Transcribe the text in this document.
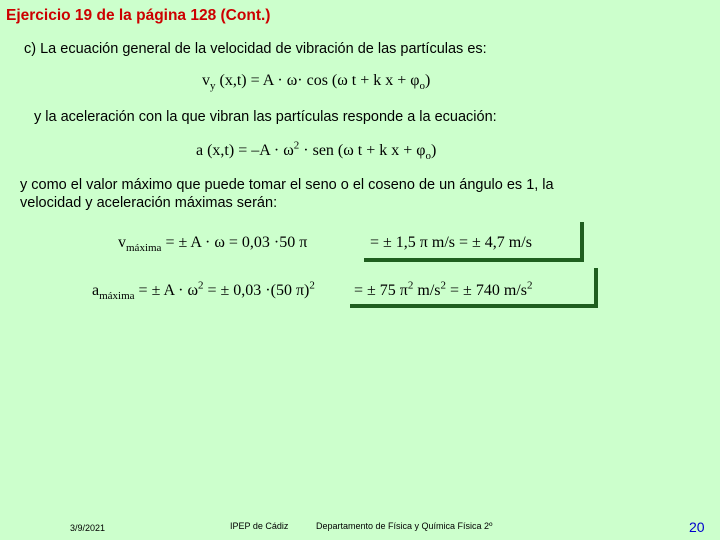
Ejercicio 19 de la página 128 (Cont.)
c) La ecuación general de la velocidad de vibración de las partículas es:
$v_y$ (x,t) = A · ω· cos (ω t + k $x + \varphi_o$)
y la aceleración con la que vibran las partículas responde a la ecuación:
a $(x,t) = -A \cdot \omega^2$ · sen (ω t + k $x + \varphi_o$)
y como el valor máximo que puede tomar el seno o el coseno de un ángulo es 1, la
velocidad y aceleración máximas serán:
$v_{máxima}$ = ± A · ω = 0,03 ·50 π	= ± 1,5 π m/s = ± 4,7 m/s
$a_{máxima}$ = ± $A \cdot \omega^2$ = ± 0,03 ·(50 π)$^2$ = ± 75 $\pi^2$ $m/s^2$ = ± 740 $m/s^2$
3/9/2021	IPEP de Cádiz	Departamento de Física y Química Física 2º	20
